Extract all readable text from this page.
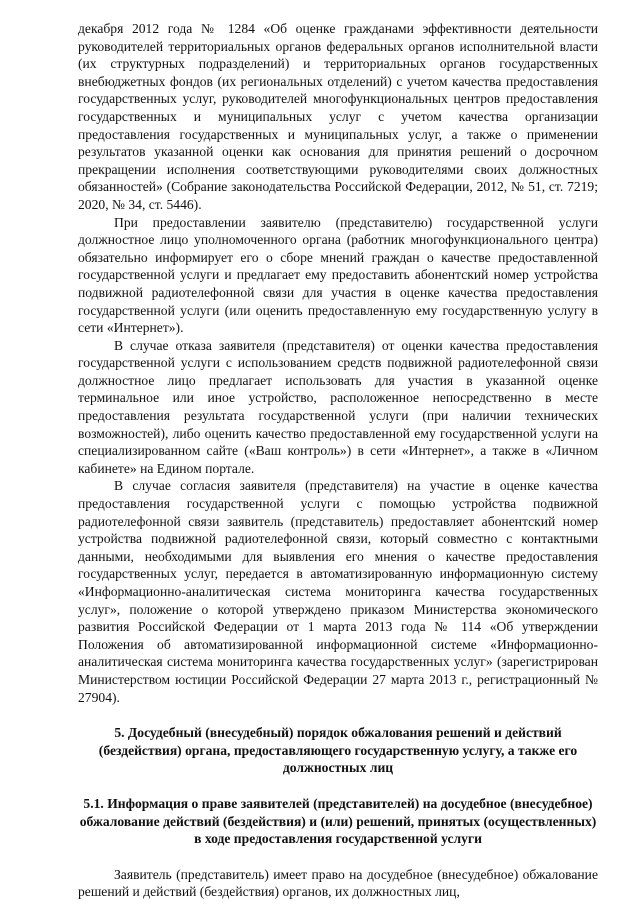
декабря 2012 года № 1284 «Об оценке гражданами эффективности деятельности руководителей территориальных органов федеральных органов исполнительной власти (их структурных подразделений) и территориальных органов государственных внебюджетных фондов (их региональных отделений) с учетом качества предоставления государственных услуг, руководителей многофункциональных центров предоставления государственных и муниципальных услуг с учетом качества организации предоставления государственных и муниципальных услуг, а также о применении результатов указанной оценки как основания для принятия решений о досрочном прекращении исполнения соответствующими руководителями своих должностных обязанностей» (Собрание законодательства Российской Федерации, 2012, № 51, ст. 7219; 2020, № 34, ст. 5446).

При предоставлении заявителю (представителю) государственной услуги должностное лицо уполномоченного органа (работник многофункционального центра) обязательно информирует его о сборе мнений граждан о качестве предоставленной государственной услуги и предлагает ему предоставить абонентский номер устройства подвижной радиотелефонной связи для участия в оценке качества предоставления государственной услуги (или оценить предоставленную ему государственную услугу в сети «Интернет»).

В случае отказа заявителя (представителя) от оценки качества предоставления государственной услуги с использованием средств подвижной радиотелефонной связи должностное лицо предлагает использовать для участия в указанной оценке терминальное или иное устройство, расположенное непосредственно в месте предоставления результата государственной услуги (при наличии технических возможностей), либо оценить качество предоставленной ему государственной услуги на специализированном сайте («Ваш контроль») в сети «Интернет», а также в «Личном кабинете» на Едином портале.

В случае согласия заявителя (представителя) на участие в оценке качества предоставления государственной услуги с помощью устройства подвижной радиотелефонной связи заявитель (представитель) предоставляет абонентский номер устройства подвижной радиотелефонной связи, который совместно с контактными данными, необходимыми для выявления его мнения о качестве предоставления государственных услуг, передается в автоматизированную информационную систему «Информационно-аналитическая система мониторинга качества государственных услуг», положение о которой утверждено приказом Министерства экономического развития Российской Федерации от 1 марта 2013 года № 114 «Об утверждении Положения об автоматизированной информационной системе «Информационно-аналитическая система мониторинга качества государственных услуг» (зарегистрирован Министерством юстиции Российской Федерации 27 марта 2013 г., регистрационный № 27904).

5. Досудебный (внесудебный) порядок обжалования решений и действий (бездействия) органа, предоставляющего государственную услугу, а также его должностных лиц

5.1. Информация о праве заявителей (представителей) на досудебное (внесудебное) обжалование действий (бездействия) и (или) решений, принятых (осуществленных) в ходе предоставления государственной услуги

Заявитель (представитель) имеет право на досудебное (внесудебное) обжалование решений и действий (бездействия) органов, их должностных лиц,
